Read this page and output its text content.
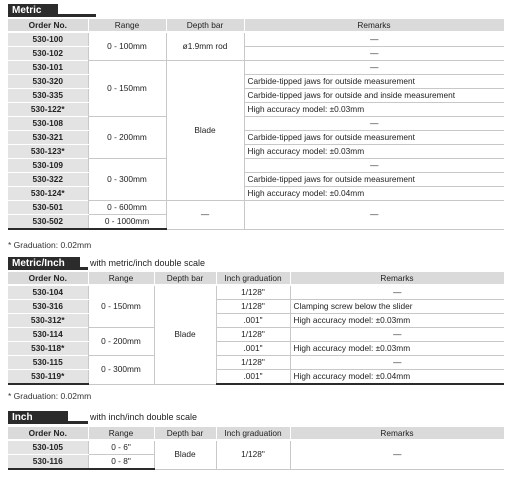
Metric
Order No.	Range	Depth bar	Remarks
530-100	0 - 100mm	ø1.9mm rod	—
530-102			—
530-101	0 - 150mm	Blade	—
530-320			Carbide-tipped jaws for outside measurement
530-335			Carbide-tipped jaws for outside and inside measurement
530-122*			High accuracy model: ±0.03mm
530-108	0 - 200mm		—
530-321			Carbide-tipped jaws for outside measurement
530-123*			High accuracy model: ±0.03mm
530-109	0 - 300mm		—
530-322			Carbide-tipped jaws for outside measurement
530-124*			High accuracy model: ±0.04mm
530-501	0 - 600mm	—	—
530-502	0 - 1000mm		
* Graduation: 0.02mm
Metric/Inch	with metric/inch double scale
Order No.	Range	Depth bar	Inch graduation	Remarks
530-104	0 - 150mm	Blade	1/128"	—
530-316			1/128"	Clamping screw below the slider
530-312*			.001"	High accuracy model: ±0.03mm
530-114	0 - 200mm		1/128"	—
530-118*			.001"	High accuracy model: ±0.03mm
530-115	0 - 300mm		1/128"	—
530-119*			.001"	High accuracy model: ±0.04mm
* Graduation: 0.02mm
Inch	with inch/inch double scale
Order No.	Range	Depth bar	Inch graduation	Remarks
530-105	0 - 6"	Blade	1/128"	—
530-116	0 - 8"			
